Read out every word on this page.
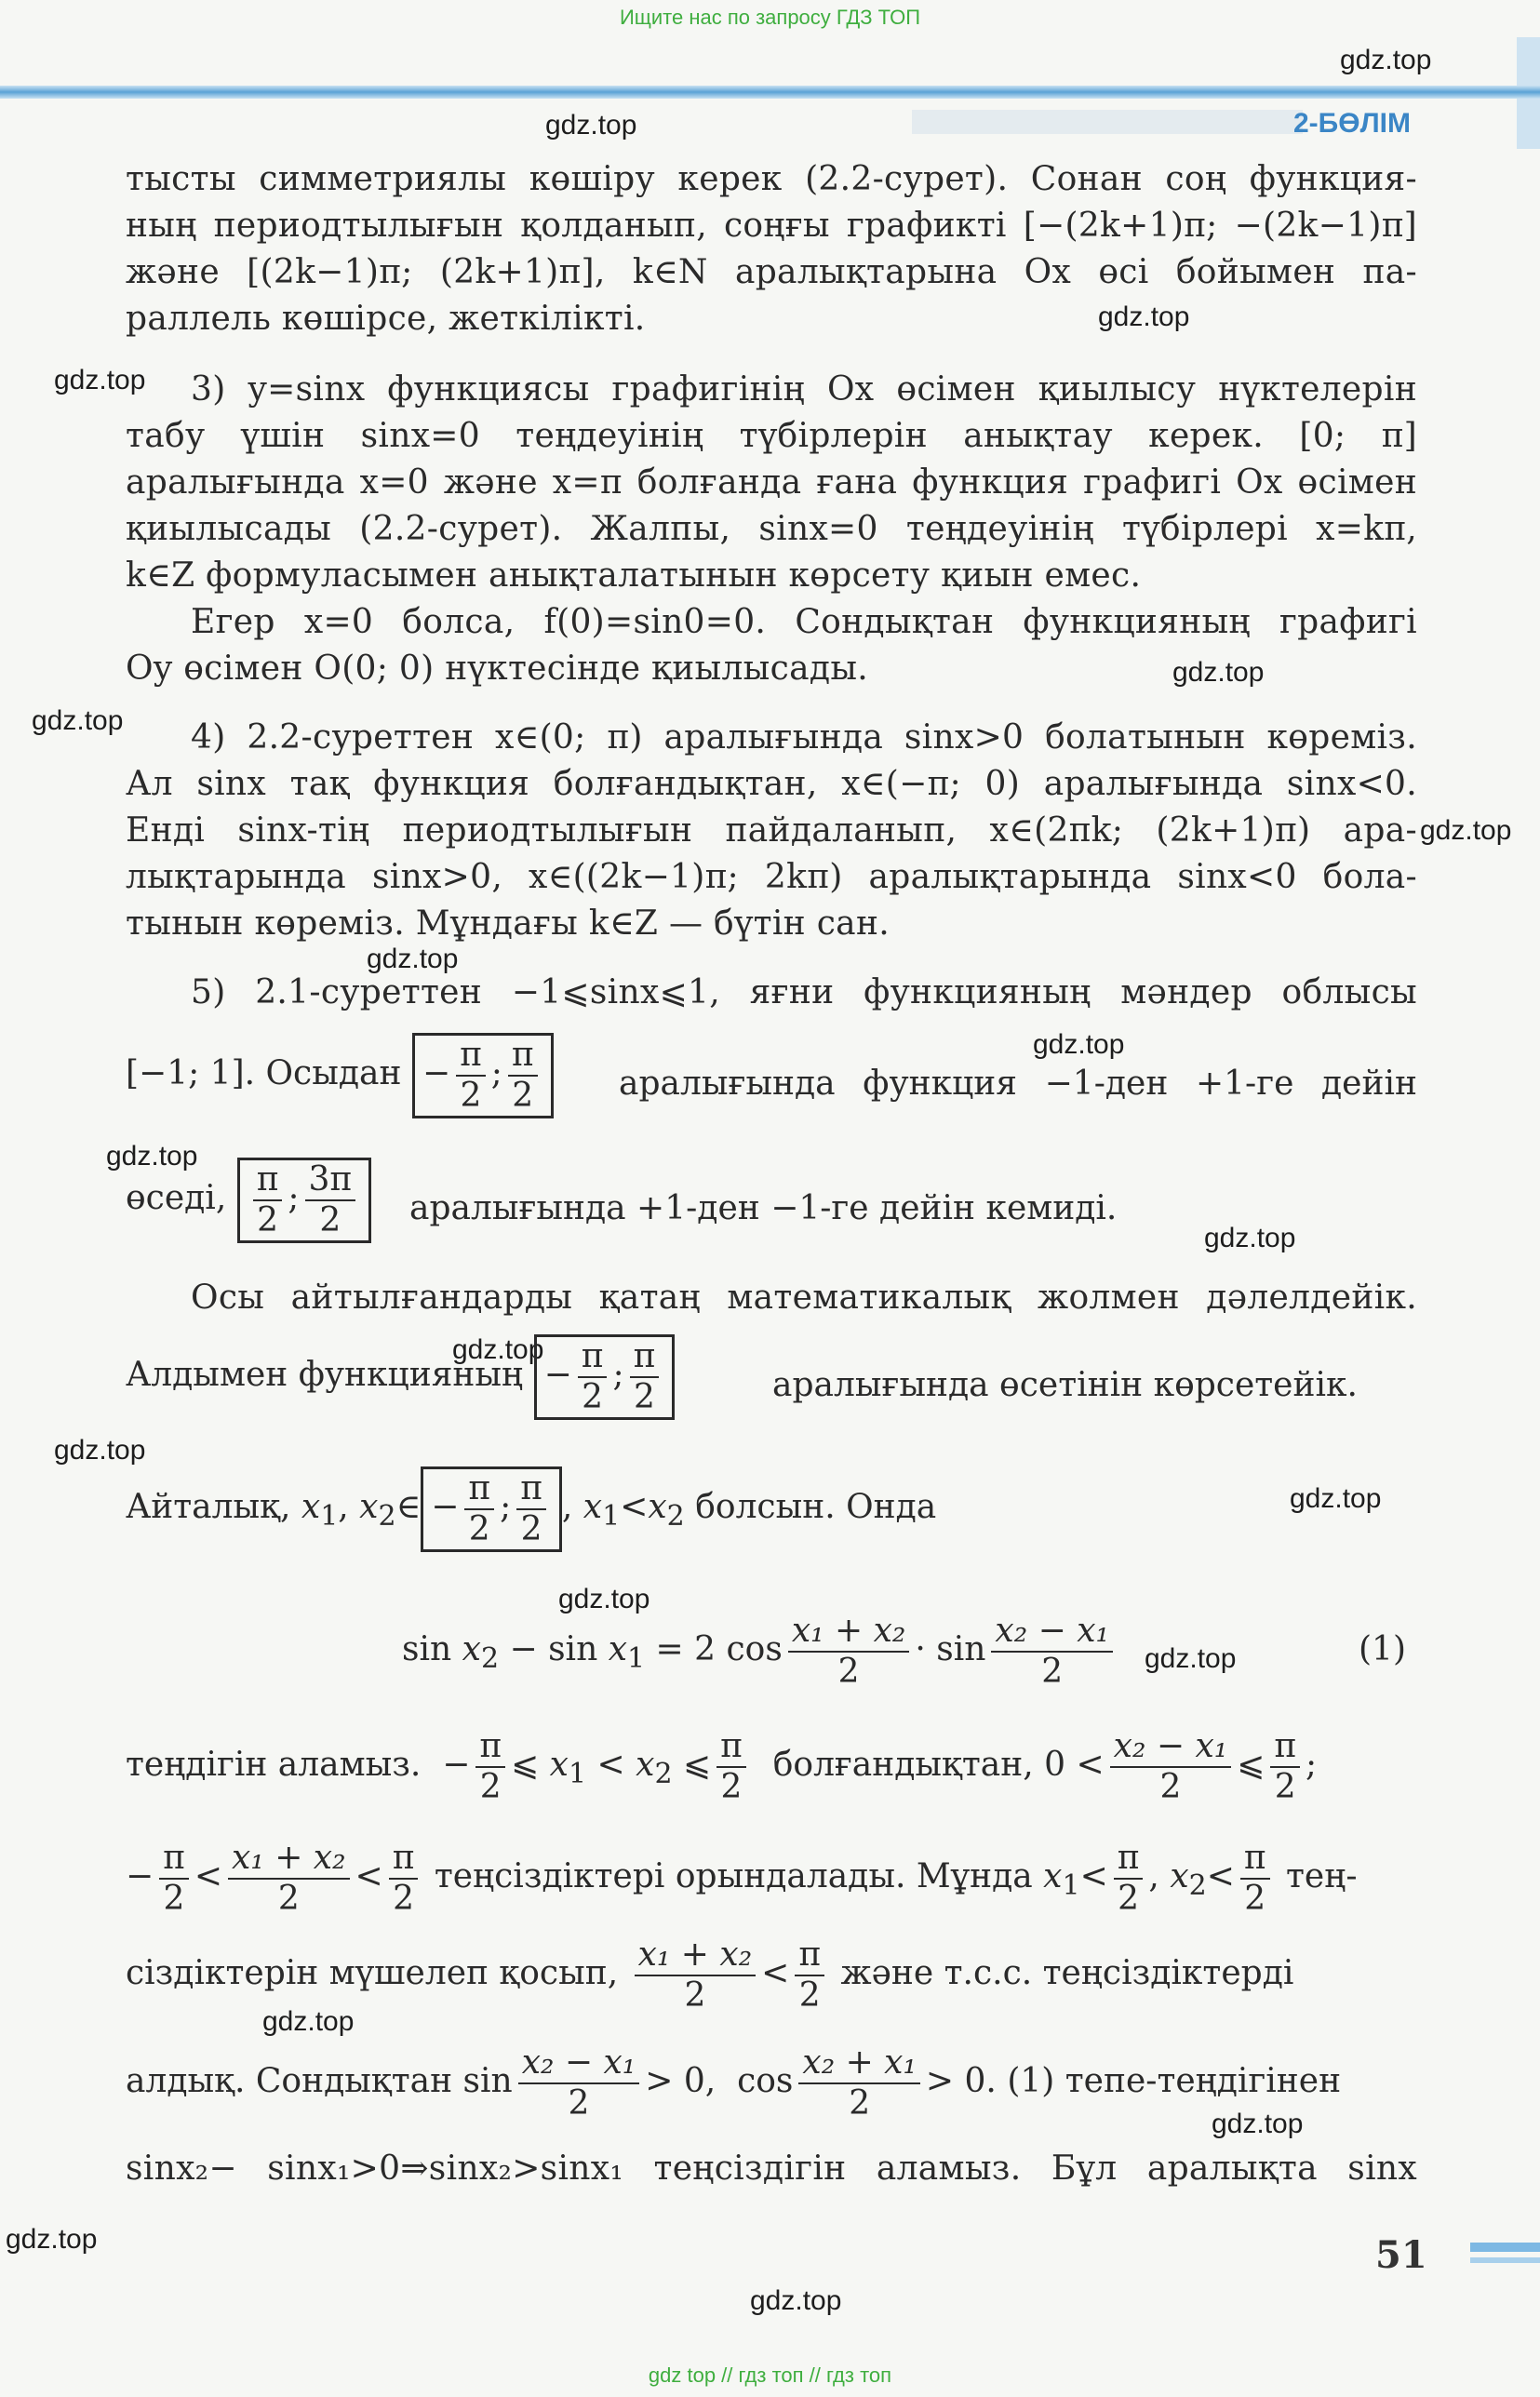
Ищите нас по запросу ГДЗ ТОП
2-БӨЛІМ
gdz.top
gdz.top
gdz.top
gdz.top
gdz.top
gdz.top
gdz.top
gdz.top
gdz.top
gdz.top
gdz.top
gdz.top
gdz.top
gdz.top
gdz.top
gdz.top
gdz.top
gdz.top
gdz.top
gdz.top
тысты симметриялы көшіру керек (2.2-сурет). Сонан соң функция-
ның периодтылығын қолданып, соңғы графикті [−(2k+1)π; −(2k−1)π]
және [(2k−1)π; (2k+1)π], k∈N аралықтарына Ox өсі бойымен па-
раллель көшірсе, жеткілікті.
3) y=sinx функциясы графигінің Ox өсімен қиылысу нүктелерін
табу үшін sinx=0 теңдеуінің түбірлерін анықтау керек. [0; π]
аралығында x=0 және x=π болғанда ғана функция графигі Ox өсімен
қиылысады (2.2-сурет). Жалпы, sinx=0 теңдеуінің түбірлері x=kπ,
k∈Z формуласымен анықталатынын көрсету қиын емес.
Егер x=0 болса, f(0)=sin0=0. Сондықтан функцияның графигі
Oy өсімен O(0; 0) нүктесінде қиылысады.
4) 2.2-суреттен x∈(0; π) аралығында sinx>0 болатынын көреміз.
Ал sinx тақ функция болғандықтан, x∈(−π; 0) аралығында sinx<0.
Енді sinx-тің периодтылығын пайдаланып, x∈(2πk; (2k+1)π) ара-
лықтарында sinx>0, x∈((2k−1)π; 2kπ) аралықтарында sinx<0 бола-
тынын көреміз. Мұндағы k∈Z — бүтін сан.
5) 2.1-суреттен −1⩽sinx⩽1, яғни функцияның мәндер облысы
[−1; 1]. Осыдан − $\frac{\pi}{2}$ ; $\frac{\pi}{2}$ аралығында функция −1-ден +1-ге дейін
өседі, $\frac{\pi}{2}$ ; $\frac{3\pi}{2}$ аралығында +1-ден −1-ге дейін кемиді.
Осы айтылғандарды қатаң математикалық жолмен дәлелдейік.
Алдымен функцияның − $\frac{\pi}{2}$ ; $\frac{\pi}{2}$	аралығында өсетінін көрсетейік.
Айталық, $x_1$, $x_2\in - \frac{\pi}{2}$ ; $\frac{\pi}{2}$ , $x_1<x_2$ болсын. Онда
$\sin x_2 - \sin x_1 = 2$ $\cos \frac{\text{x₁ + x₂}}{2} \cdot \sin \frac{\text{x₂ − x₁}}{2}$	(1)
теңдігін аламыз.  − $\frac{\pi}{2}$ ⩽ $x_1 < x_2$ ⩽ $\frac{\pi}{2}$ болғандықтан, $0 < \frac{\text{x₂ − x₁}}{2}$ ⩽ $\frac{\pi}{2}$ ;
− $\frac{\pi}{2} < \frac{\text{x₁ + x₂}}{2} < \frac{\pi}{2}$ теңсіздіктері орындалады. Мұнда $x_1< \frac{\pi}{2}$ , $x_2< \frac{\pi}{2} тең-$
сіздіктерін мүшелеп қосып, $\frac{\text{x₁ + x₂}}{2} < \frac{\pi}{2}$ және т.с.с. теңсіздіктерді
алдық. Сондықтан $\sin \frac{\text{x₂ − x₁}}{2} > 0$,  $\cos \frac{\text{x₂ + x₁}}{2} > 0$. (1) тепе-теңдігінен
sinx₂− sinx₁>0⇒sinx₂>sinx₁ теңсіздігін аламыз. Бұл аралықта sinx
51
gdz top // гдз топ // гдз топ
